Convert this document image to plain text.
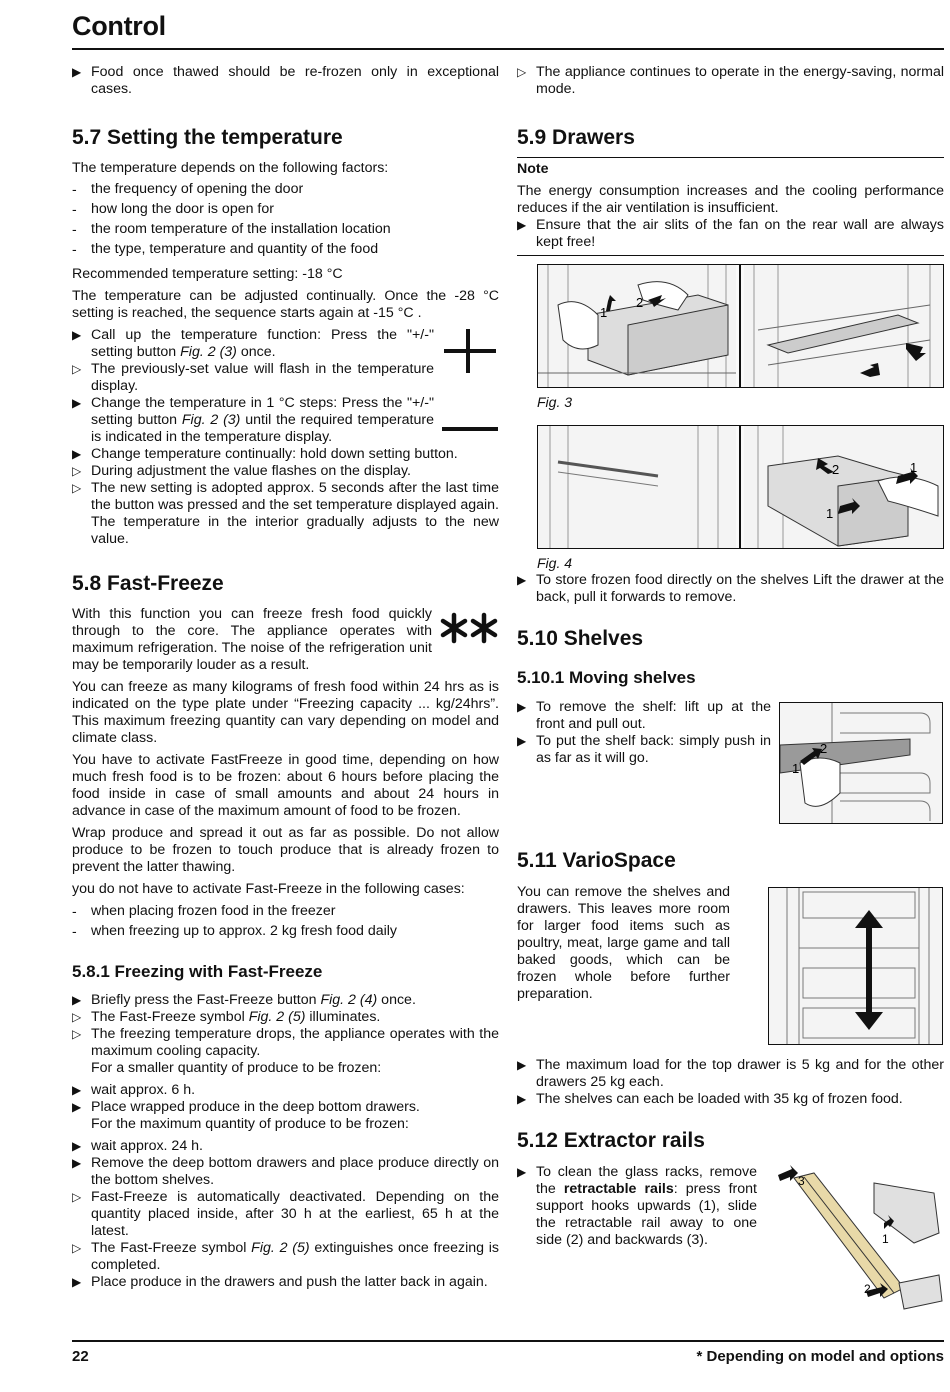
Control
▶ Food once thawed should be re-frozen only in exceptional cases.
5.7 Setting the temperature

The temperature depends on the following factors:

- the frequency of opening the door
- how long the door is open for
- the room temperature of the installation location
- the type, temperature and quantity of the food

Recommended temperature setting: -18 °C

The temperature can be adjusted continually. Once the -28 °C setting is reached, the sequence starts again at -15 °C .

▶ Call up the temperature function: Press the "+/-" setting button Fig. 2 (3) once.
▷ The previously-set value will flash in the temperature display.
▶ Change the temperature in 1 °C steps: Press the "+/-" setting button Fig. 2 (3) until the required temperature is indicated in the temperature display.
▶ Change temperature continually: hold down setting button.
▷ During adjustment the value flashes on the display.
▷ The new setting is adopted approx. 5 seconds after the last time the button was pressed and the set temperature displayed again. The temperature in the interior gradually adjusts to the new value.
5.8 Fast-Freeze

With this function you can freeze fresh food quickly through to the core. The appliance operates with maximum refrigeration. The noise of the refrigeration unit may be temporarily louder as a result.

You can freeze as many kilograms of fresh food within 24 hrs as is indicated on the type plate under “Freezing capacity ... kg/24hrs”. This maximum freezing quantity can vary depending on model and climate class.

You have to activate FastFreeze in good time, depending on how much fresh food is to be frozen: about 6 hours before placing the food inside in case of small amounts and about 24 hours in advance in case of the maximum amount of food to be frozen.

Wrap produce and spread it out as far as possible. Do not allow produce to be frozen to touch produce that is already frozen to prevent the latter thawing.

you do not have to activate Fast-Freeze in the following cases:

- when placing frozen food in the freezer
- when freezing up to approx. 2 kg fresh food daily
5.8.1 Freezing with Fast-Freeze
▶ Briefly press the Fast-Freeze button Fig. 2 (4) once.
▷ The Fast-Freeze symbol Fig. 2 (5) illuminates.
▷ The freezing temperature drops, the appliance operates with the maximum cooling capacity.

For a smaller quantity of produce to be frozen:

▶ wait approx. 6 h.
▶ Place wrapped produce in the deep bottom drawers.

For the maximum quantity of produce to be frozen:

▶ wait approx. 24 h.
▶ Remove the deep bottom drawers and place produce directly on the bottom shelves.
▷ Fast-Freeze is automatically deactivated. Depending on the quantity placed inside, after 30 h at the earliest, 65 h at the latest.
▷ The Fast-Freeze symbol Fig. 2 (5) extinguishes once freezing is completed.
▶ Place produce in the drawers and push the latter back in again.
▷ The appliance continues to operate in the energy-saving, normal mode.
5.9 Drawers

Note

The energy consumption increases and the cooling performance reduces if the air ventilation is insufficient.

▶ Ensure that the air slits of the fan on the rear wall are always kept free!
1
2
Fig. 3
2
1
1
Fig. 4
▶ To store frozen food directly on the shelves Lift the drawer at the back, pull it forwards to remove.
5.10 Shelves
5.10.1 Moving shelves
▶ To remove the shelf: lift up at the front and pull out.
▶ To put the shelf back: simply push in as far as it will go.
1
2
5.11 VarioSpace

You can remove the shelves and drawers. This leaves more room for larger food items such as poultry, meat, large game and tall baked goods, which can be frozen whole before further preparation.

▶ The maximum load for the top drawer is 5 kg and for the other drawers 25 kg each.
▶ The shelves can each be loaded with 35 kg of frozen food.
5.12 Extractor rails
▶ To clean the glass racks, remove the retractable rails: press front support hooks upwards (1), slide the retractable rail away to one side (2) and backwards (3).
3
1
2
22	* Depending on model and options
